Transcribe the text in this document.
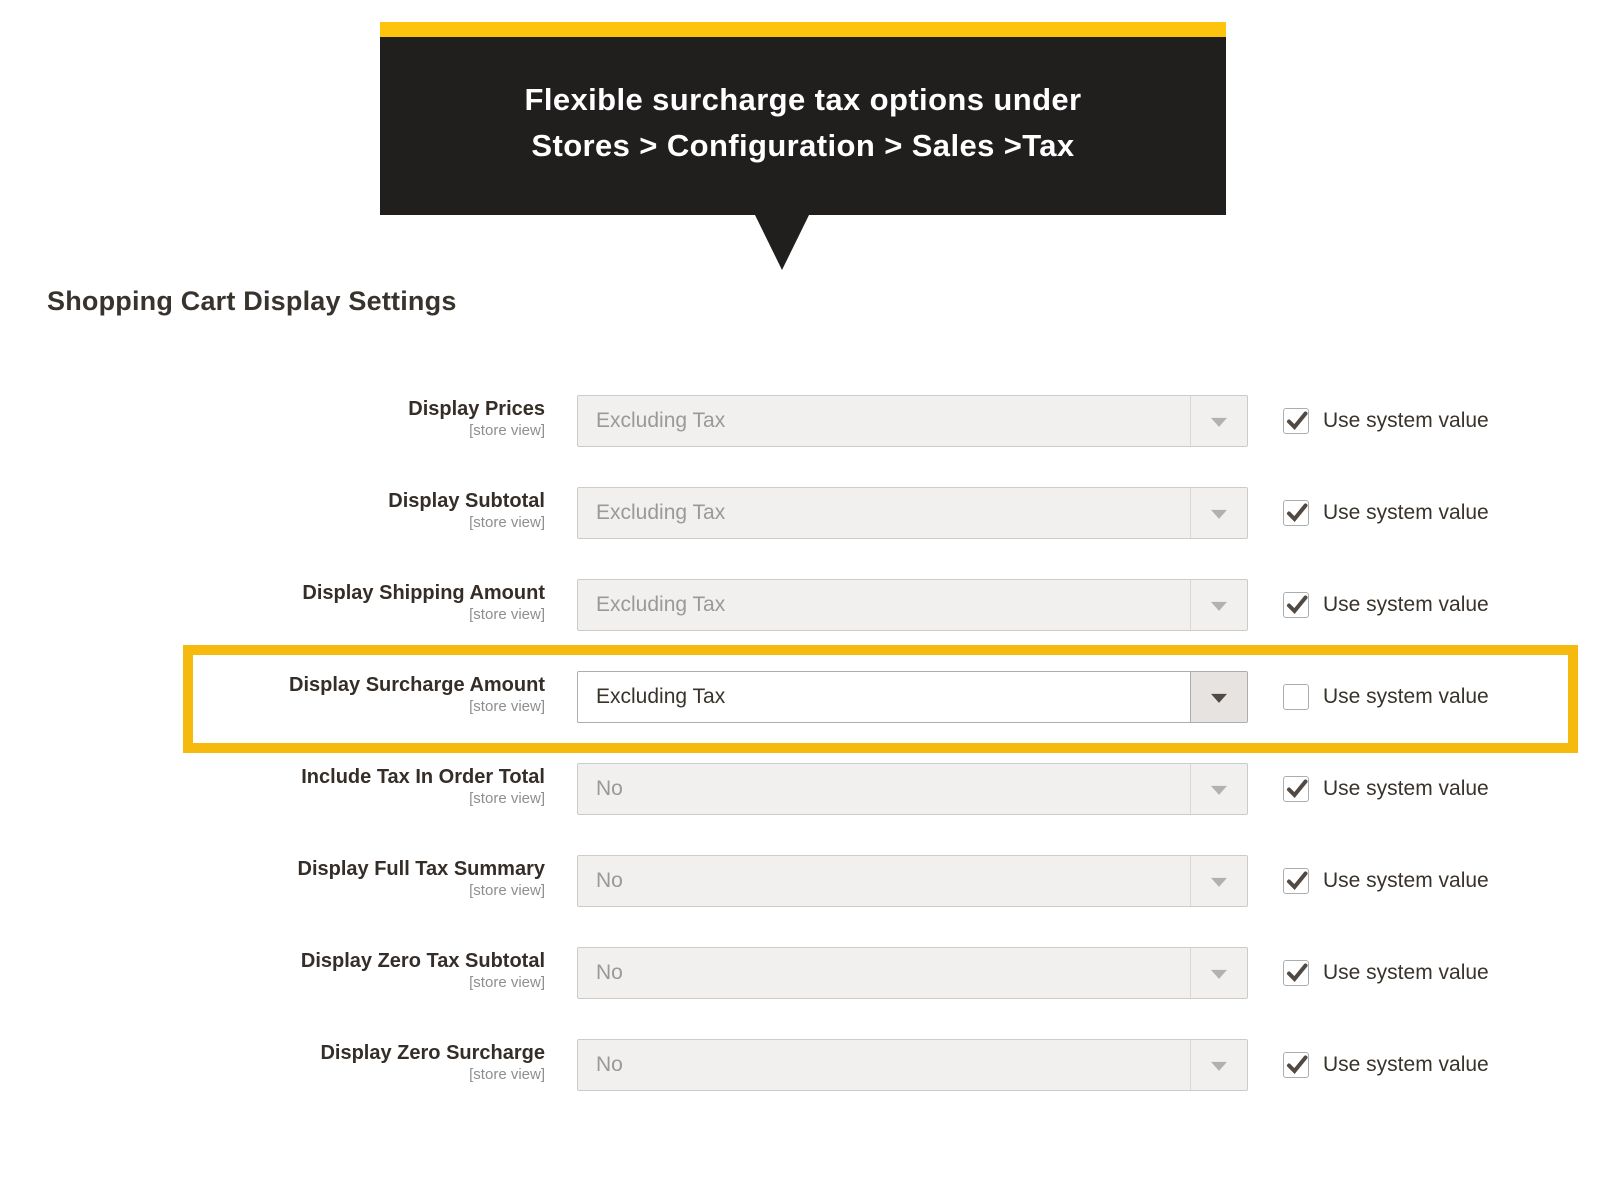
Flexible surcharge tax options under
Stores > Configuration > Sales >Tax
Shopping Cart Display Settings
Display Prices
[store view] Excluding Tax	Use system value
Display Subtotal
[store view] Excluding Tax	Use system value
Display Shipping Amount
[store view] Excluding Tax	Use system value
Display Surcharge Amount
[store view] Excluding Tax	Use system value
Include Tax In Order Total
[store view] No	Use system value
Display Full Tax Summary
[store view] No	Use system value
Display Zero Tax Subtotal
[store view] No	Use system value
Display Zero Surcharge
[store view] No	Use system value
